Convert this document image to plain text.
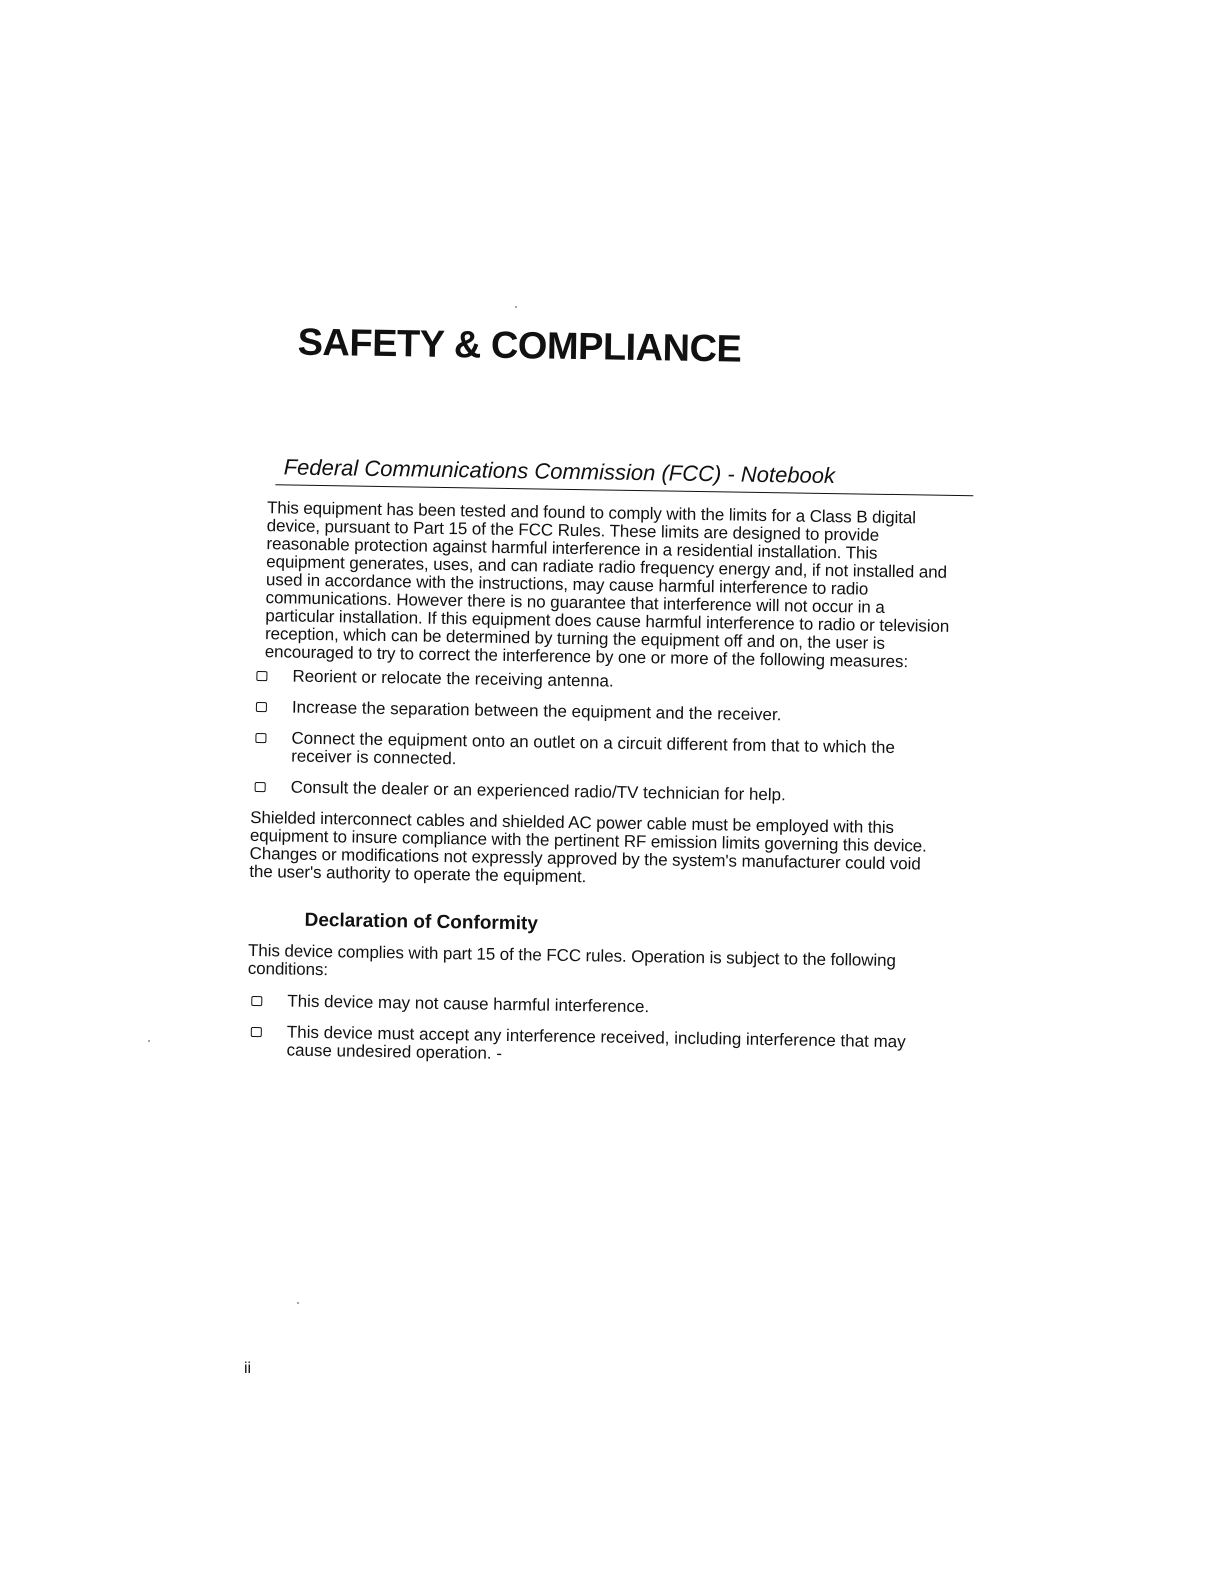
SAFETY & COMPLIANCE
Federal Communications Commission (FCC) - Notebook

This equipment has been tested and found to comply with the limits for a Class B digital device, pursuant to Part 15 of the FCC Rules. These limits are designed to provide reasonable protection against harmful interference in a residential installation. This equipment generates, uses, and can radiate radio frequency energy and, if not installed and used in accordance with the instructions, may cause harmful interference to radio communications. However there is no guarantee that interference will not occur in a particular installation. If this equipment does cause harmful interference to radio or television reception, which can be determined by turning the equipment off and on, the user is encouraged to try to correct the interference by one or more of the following measures:

Reorient or relocate the receiving antenna.
Increase the separation between the equipment and the receiver.
Connect the equipment onto an outlet on a circuit different from that to which the receiver is connected.
Consult the dealer or an experienced radio/TV technician for help.

Shielded interconnect cables and shielded AC power cable must be employed with this equipment to insure compliance with the pertinent RF emission limits governing this device. Changes or modifications not expressly approved by the system's manufacturer could void the user's authority to operate the equipment.

Declaration of Conformity

This device complies with part 15 of the FCC rules. Operation is subject to the following conditions:

This device may not cause harmful interference.
This device must accept any interference received, including interference that may cause undesired operation. -
ii
